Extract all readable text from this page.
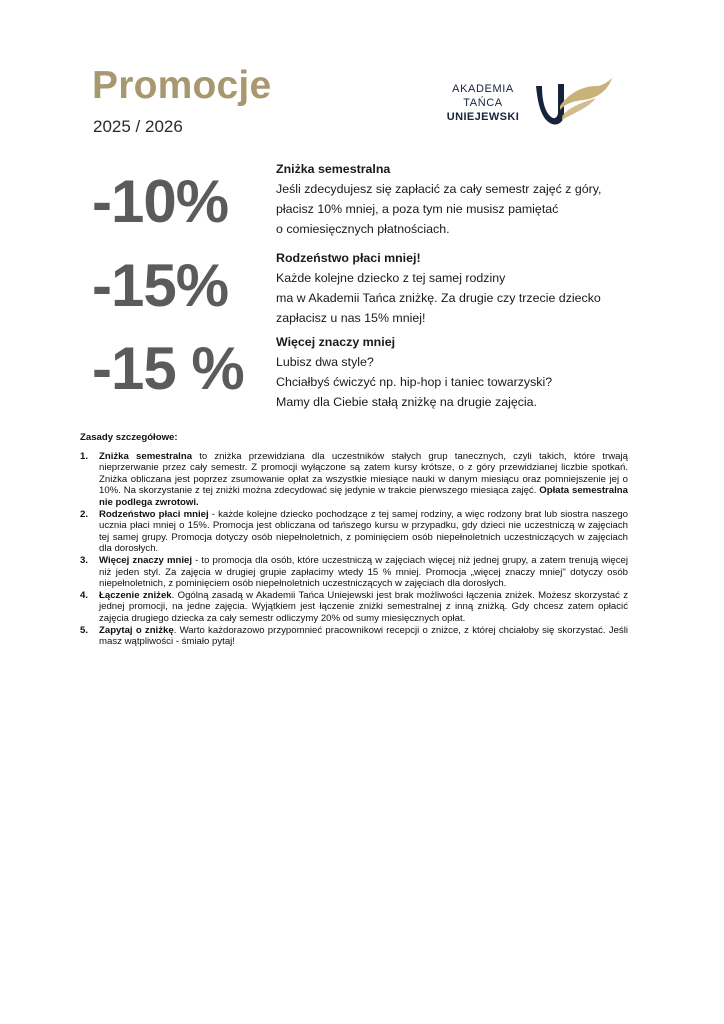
Promocje
2025 / 2026
AKADEMIA
TAŃCA
UNIEJEWSKI
-10%	Zniżka semestralna
Jeśli zdecydujesz się zapłacić za cały semestr zajęć z góry,
płacisz 10% mniej, a poza tym nie musisz pamiętać
o comiesięcznych płatnościach.
-15%	Rodzeństwo płaci mniej!
Każde kolejne dziecko z tej samej rodziny
ma w Akademii Tańca zniżkę. Za drugie czy trzecie dziecko
zapłacisz u nas 15% mniej!
-15 %	Więcej znaczy mniej
Lubisz dwa style?
Chciałbyś ćwiczyć np. hip-hop i taniec towarzyski?
Mamy dla Ciebie stałą zniżkę na drugie zajęcia.
Zasady szczegółowe:
1. Zniżka semestralna to zniżka przewidziana dla uczestników stałych grup tanecznych, czyli takich, które trwają nieprzerwanie przez cały semestr. Z promocji wyłączone są zatem kursy krótsze, o z góry przewidzianej liczbie spotkań. Zniżka obliczana jest poprzez zsumowanie opłat za wszystkie miesiące nauki w danym miesiącu oraz pomniejszenie jej o 10%. Na skorzystanie z tej zniżki można zdecydować się jedynie w trakcie pierwszego miesiąca zajęć. Opłata semestralna nie podlega zwrotowi.
2. Rodzeństwo płaci mniej - każde kolejne dziecko pochodzące z tej samej rodziny, a więc rodzony brat lub siostra naszego ucznia płaci mniej o 15%. Promocja jest obliczana od tańszego kursu w przypadku, gdy dzieci nie uczestniczą w zajęciach tej samej grupy. Promocja dotyczy osób niepełnoletnich, z pominięciem osób niepełnoletnich uczestniczących w zajęciach dla dorosłych.
3. Więcej znaczy mniej - to promocja dla osób, które uczestniczą w zajęciach więcej niż jednej grupy, a zatem trenują więcej niż jeden styl. Za zajęcia w drugiej grupie zapłacimy wtedy 15 % mniej. Promocja „więcej znaczy mniej" dotyczy osób niepełnoletnich, z pominięciem osób niepełnoletnich uczestniczących w zajęciach dla dorosłych.
4. Łączenie zniżek. Ogólną zasadą w Akademii Tańca Uniejewski jest brak możliwości łączenia zniżek. Możesz skorzystać z jednej promocji, na jedne zajęcia. Wyjątkiem jest łączenie zniżki semestralnej z inną zniżką. Gdy chcesz zatem opłacić zajęcia drugiego dziecka za cały semestr odliczymy 20% od sumy miesięcznych opłat.
5. Zapytaj o zniżkę. Warto każdorazowo przypomnieć pracownikowi recepcji o zniżce, z której chciałoby się skorzystać. Jeśli masz wątpliwości - śmiało pytaj!
